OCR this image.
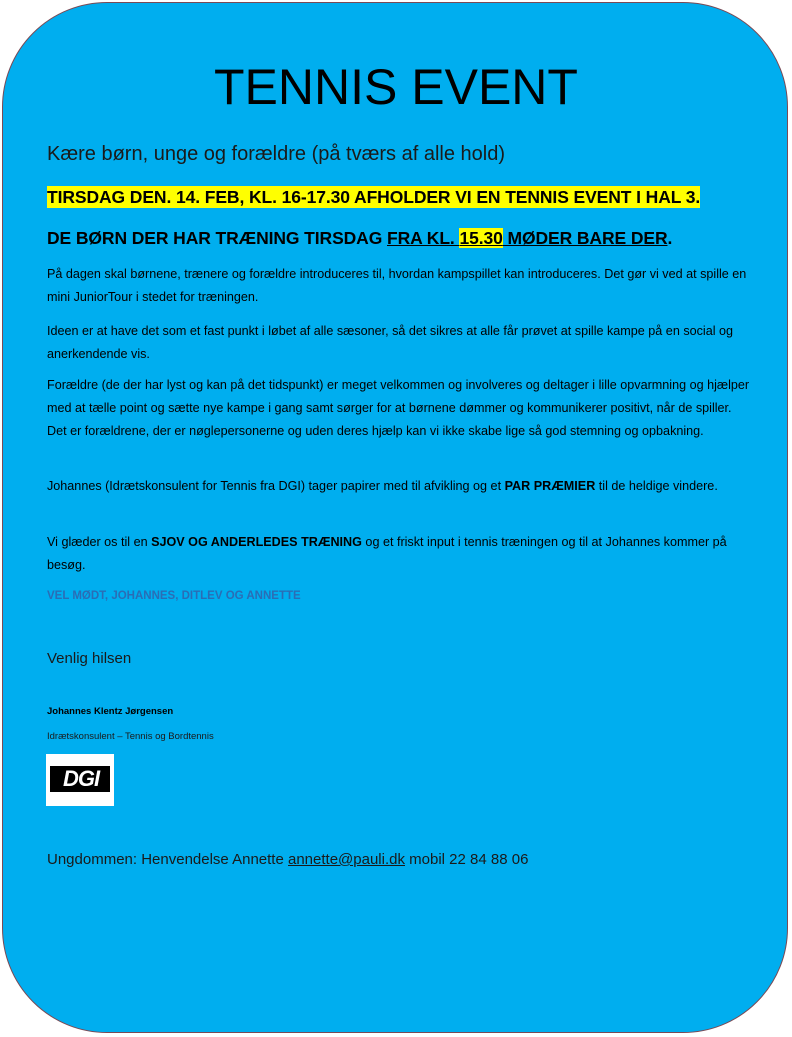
TENNIS EVENT
Kære børn, unge og forældre (på tværs af alle hold)
TIRSDAG DEN. 14. FEB, KL. 16-17.30 AFHOLDER VI EN TENNIS EVENT I HAL 3.
DE BØRN DER HAR TRÆNING TIRSDAG FRA KL. 15.30 MØDER BARE DER.
På dagen skal børnene, trænere og forældre introduceres til, hvordan kampspillet kan introduceres. Det gør vi ved at spille en mini JuniorTour i stedet for træningen.
Ideen er at have det som et fast punkt i løbet af alle sæsoner, så det sikres at alle får prøvet at spille kampe på en social og anerkendende vis.
Forældre (de der har lyst og kan på det tidspunkt) er meget velkommen og involveres og deltager i lille opvarmning og hjælper med at tælle point og sætte nye kampe i gang samt sørger for at børnene dømmer og kommunikerer positivt, når de spiller. Det er forældrene, der er nøglepersonerne og uden deres hjælp kan vi ikke skabe lige så god stemning og opbakning.
Johannes (Idrætskonsulent for Tennis fra DGI) tager papirer med til afvikling og et PAR PRÆMIER til de heldige vindere.
Vi glæder os til en SJOV OG ANDERLEDES TRÆNING og et friskt input i tennis træningen og til at Johannes kommer på besøg.
VEL MØDT, JOHANNES, DITLEV OG ANNETTE
Venlig hilsen
Johannes Klentz Jørgensen
Idrætskonsulent – Tennis og Bordtennis
DGI
Ungdommen: Henvendelse Annette annette@pauli.dk mobil 22 84 88 06
